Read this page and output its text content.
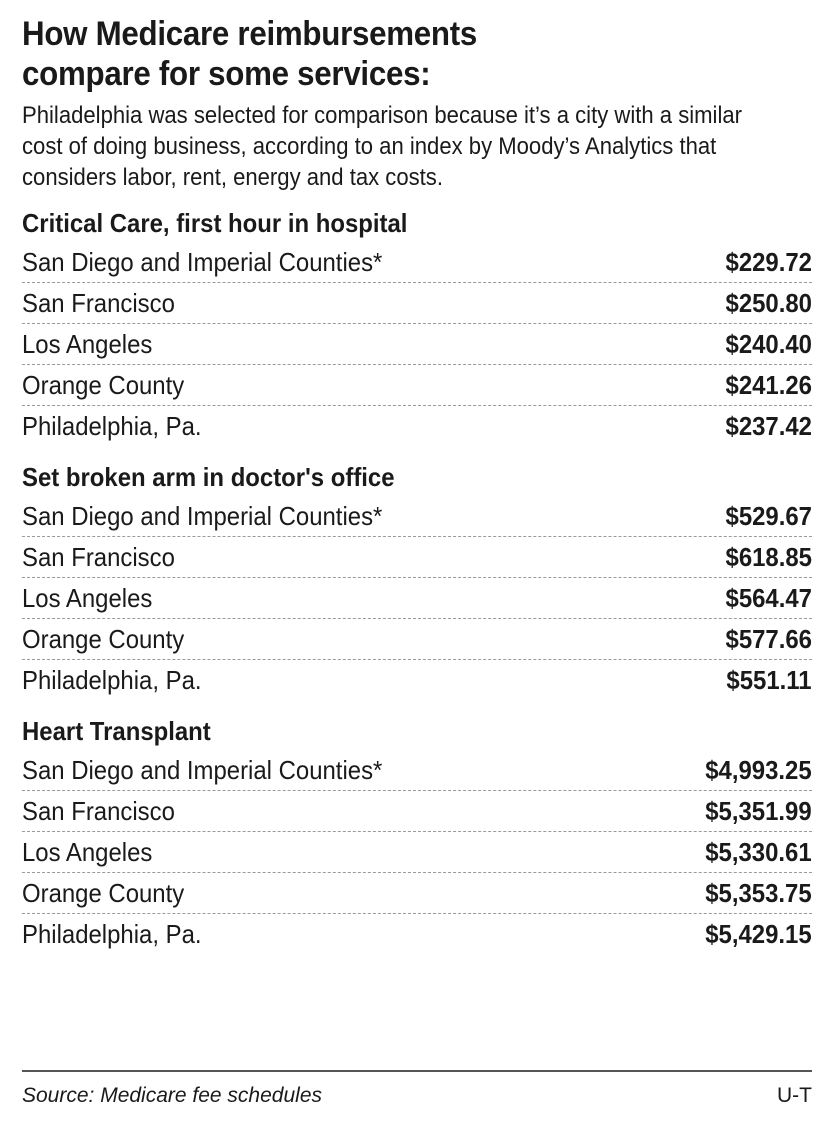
How Medicare reimbursements
compare for some services:

Philadelphia was selected for comparison because it’s a city with a similar cost of doing business, according to an index by Moody’s Analytics that considers labor, rent, energy and tax costs.

Critical Care, first hour in hospital
San Diego and Imperial Counties*	$229.72
San Francisco	$250.80
Los Angeles	$240.40
Orange County	$241.26
Philadelphia, Pa.	$237.42
Set broken arm in doctor's office
San Diego and Imperial Counties*	$529.67
San Francisco	$618.85
Los Angeles	$564.47
Orange County	$577.66
Philadelphia, Pa.	$551.11
Heart Transplant
San Diego and Imperial Counties*	$4,993.25
San Francisco	$5,351.99
Los Angeles	$5,330.61
Orange County	$5,353.75
Philadelphia, Pa.	$5,429.15
Source: Medicare fee schedules	U-T
